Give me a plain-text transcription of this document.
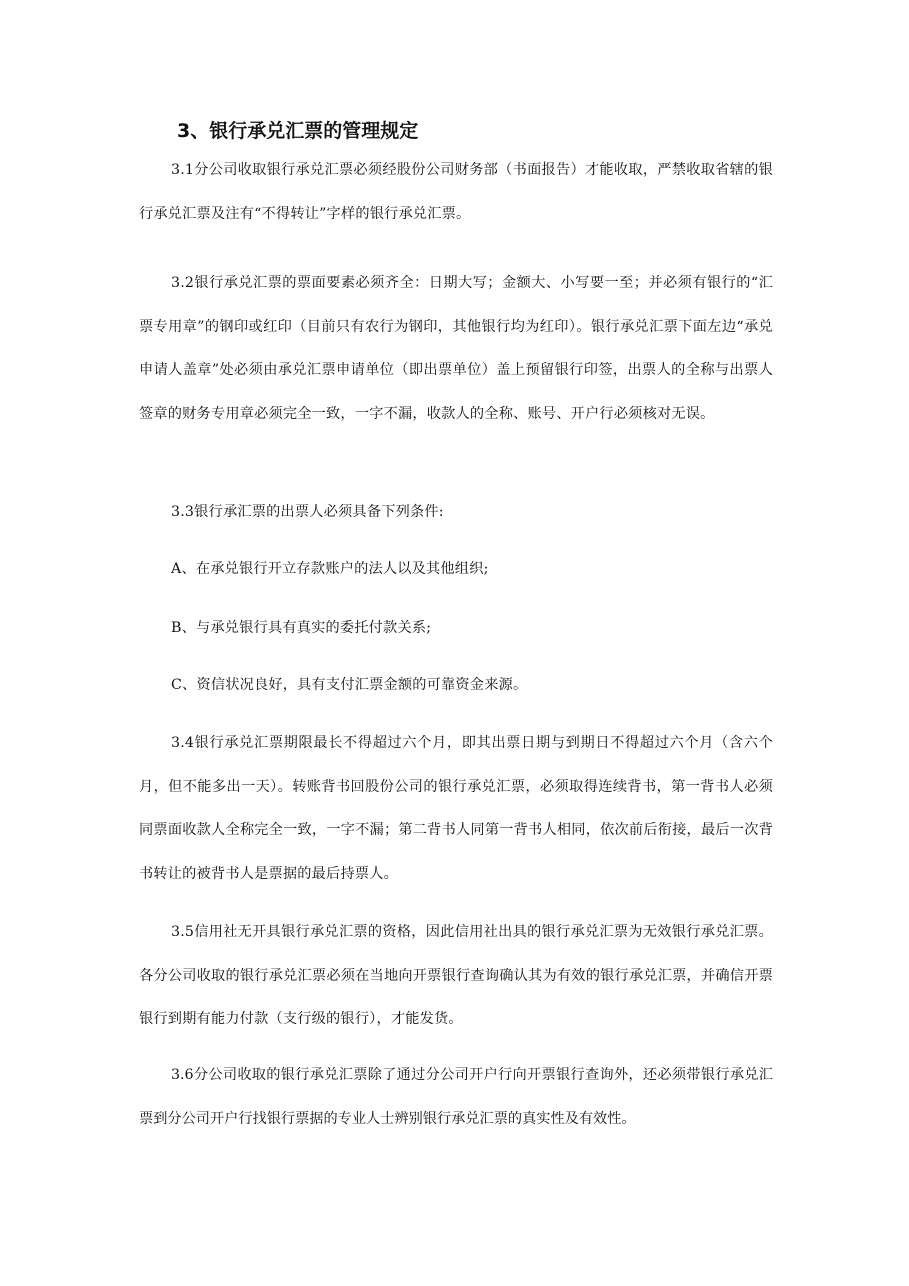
3、银行承兑汇票的管理规定

3.1分公司收取银行承兑汇票必须经股份公司财务部（书面报告）才能收取，严禁收取省辖的银行承兑汇票及注有“不得转让”字样的银行承兑汇票。

3.2银行承兑汇票的票面要素必须齐全：日期大写；金额大、小写要一至；并必须有银行的“汇票专用章”的钢印或红印（目前只有农行为钢印，其他银行均为红印）。银行承兑汇票下面左边“承兑申请人盖章”处必须由承兑汇票申请单位（即出票单位）盖上预留银行印签，出票人的全称与出票人签章的财务专用章必须完全一致，一字不漏，收款人的全称、账号、开户行必须核对无误。

3.3银行承汇票的出票人必须具备下列条件:

A、在承兑银行开立存款账户的法人以及其他组织;

B、与承兑银行具有真实的委托付款关系;

C、资信状况良好，具有支付汇票金额的可靠资金来源。

3.4银行承兑汇票期限最长不得超过六个月，即其出票日期与到期日不得超过六个月（含六个月，但不能多出一天）。转账背书回股份公司的银行承兑汇票，必须取得连续背书，第一背书人必须同票面收款人全称完全一致，一字不漏；第二背书人同第一背书人相同，依次前后衔接，最后一次背书转让的被背书人是票据的最后持票人。

3.5信用社无开具银行承兑汇票的资格，因此信用社出具的银行承兑汇票为无效银行承兑汇票。各分公司收取的银行承兑汇票必须在当地向开票银行查询确认其为有效的银行承兑汇票，并确信开票银行到期有能力付款（支行级的银行），才能发货。

3.6分公司收取的银行承兑汇票除了通过分公司开户行向开票银行查询外，还必须带银行承兑汇票到分公司开户行找银行票据的专业人士辨别银行承兑汇票的真实性及有效性。
